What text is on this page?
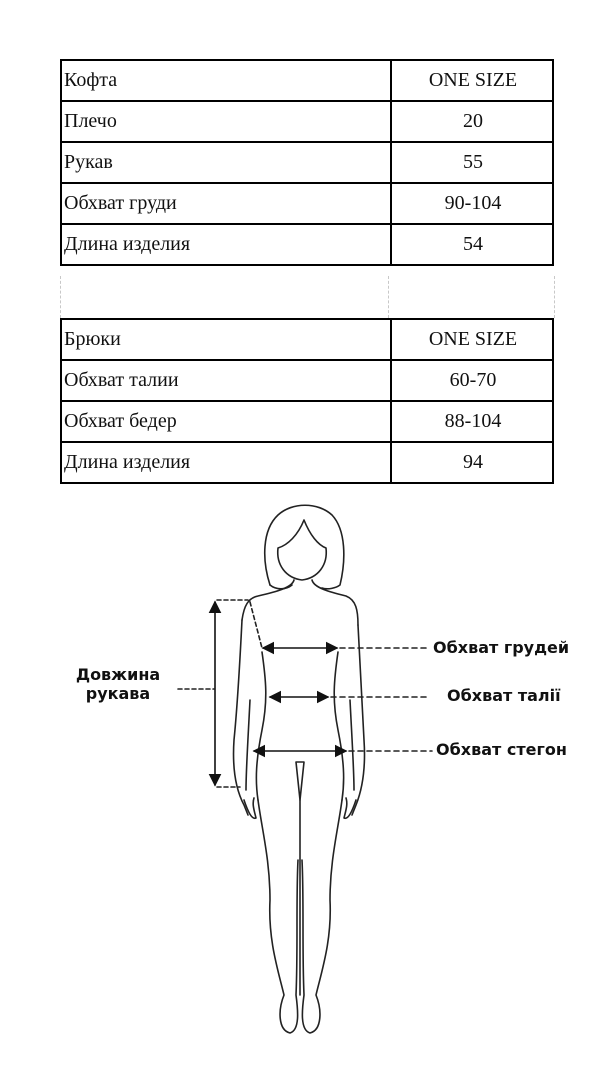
Кофта	ONE SIZE
Плечо	20
Рукав	55
Обхват груди	90-104
Длина изделия	54
Брюки	ONE SIZE
Обхват талии	60-70
Обхват бедер	88-104
Длина изделия	94
Довжина
рукава
Обхват грудей
Обхват талії
Обхват стегон
